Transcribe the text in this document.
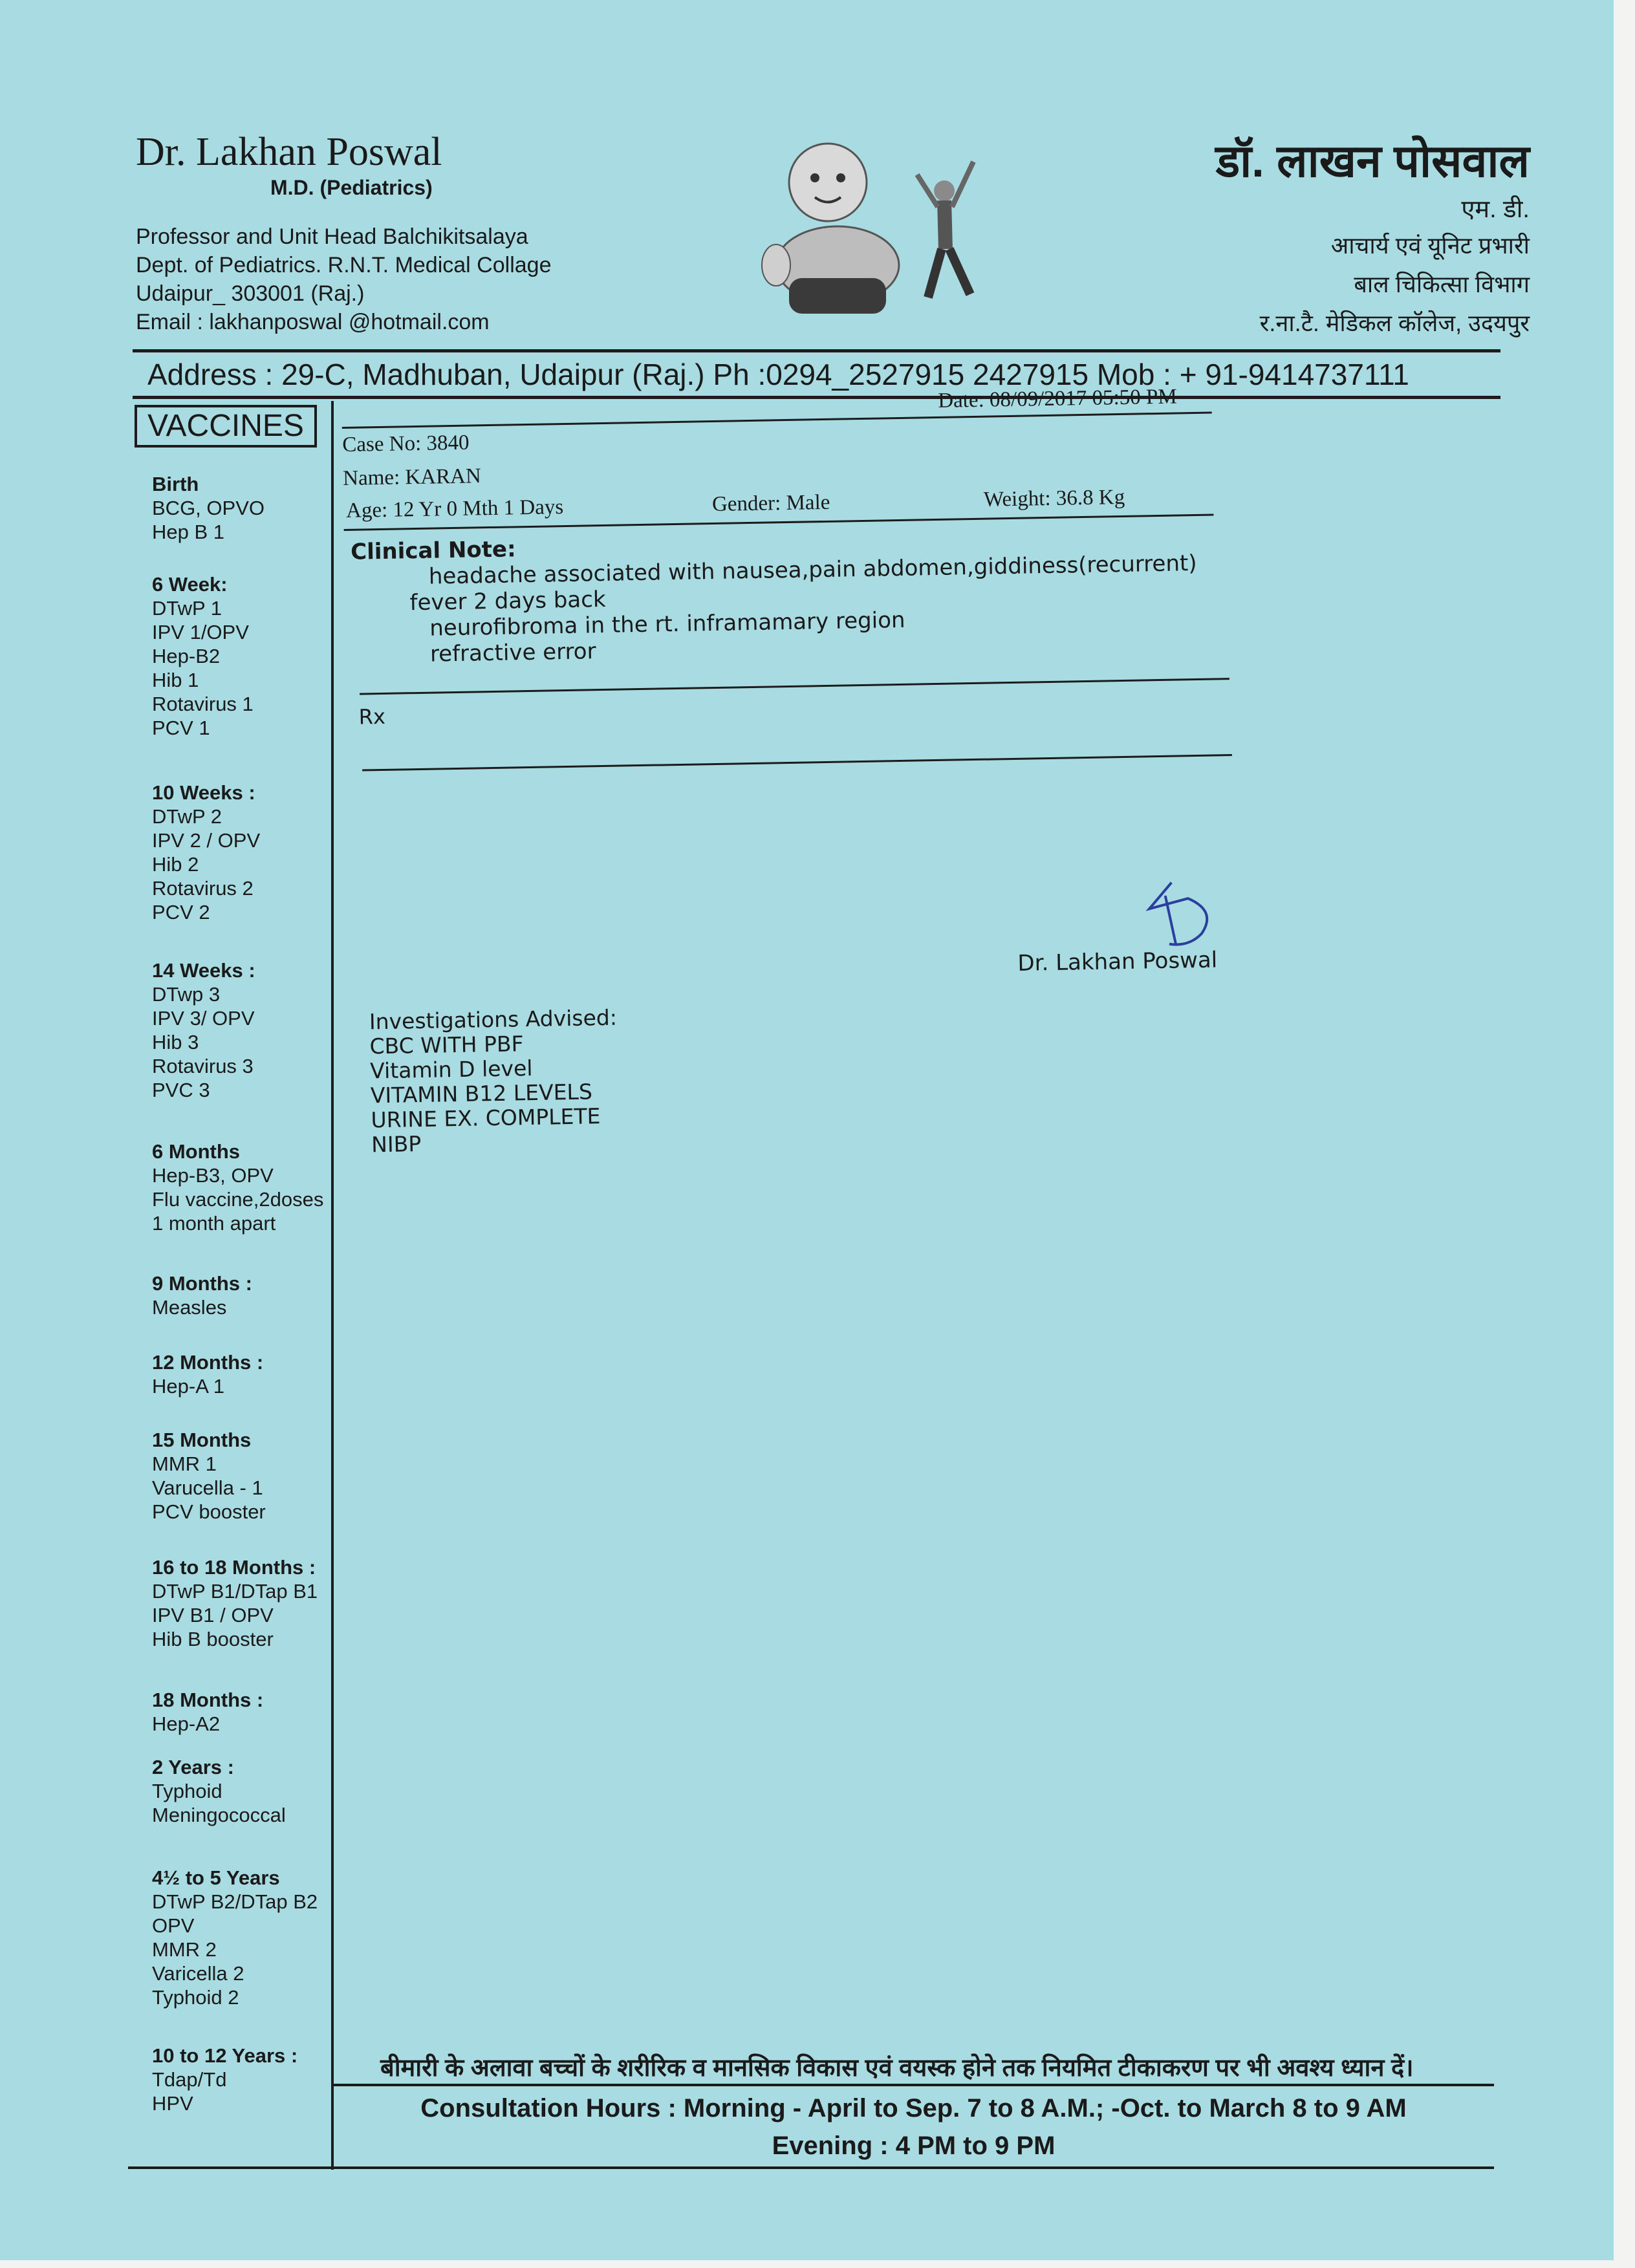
Dr. Lakhan Poswal
M.D. (Pediatrics)
Professor and Unit Head Balchikitsalaya
Dept. of Pediatrics. R.N.T. Medical Collage
Udaipur_ 303001 (Raj.)
Email : lakhanposwal @hotmail.com
डॉ. लाखन पोसवाल
एम. डी.
आचार्य एवं यूनिट प्रभारी
बाल चिकित्सा विभाग
र.ना.टै. मेडिकल कॉलेज, उदयपुर
Address : 29-C, Madhuban, Udaipur (Raj.) Ph :0294_2527915 2427915 Mob : + 91-9414737111
VACCINES
Birth
BCG, OPVO
Hep B 1
6 Week:
DTwP 1
IPV 1/OPV
Hep-B2
Hib 1
Rotavirus 1
PCV 1
10 Weeks :
DTwP 2
IPV 2 / OPV
Hib 2
Rotavirus 2
PCV 2
14 Weeks :
DTwp 3
IPV 3/ OPV
Hib 3
Rotavirus 3
PVC 3
6 Months
Hep-B3, OPV
Flu vaccine,2doses
1 month apart
9 Months :
Measles
12 Months :
Hep-A 1
15 Months
MMR 1
Varucella - 1
PCV booster
16 to 18 Months :
DTwP B1/DTap B1
IPV B1 / OPV
Hib B booster
18 Months :
Hep-A2
2 Years :
Typhoid
Meningococcal
4½ to 5 Years
DTwP B2/DTap B2
OPV
MMR 2
Varicella 2
Typhoid 2
10 to 12 Years :
Tdap/Td
HPV
Date: 08/09/2017 05:50 PM
Case No: 3840
Name: KARAN
Age: 12 Yr 0 Mth 1 Days	Gender: Male	Weight: 36.8 Kg
Clinical Note:
headache associated with nausea,pain abdomen,giddiness(recurrent)
fever 2 days back
neurofibroma in the rt. inframamary region
refractive error
Rx
Dr. Lakhan Poswal
Investigations Advised:
CBC WITH PBF
Vitamin D level
VITAMIN B12 LEVELS
URINE EX. COMPLETE
NIBP
बीमारी के अलावा बच्चों के शरीरिक व मानसिक विकास एवं वयस्क होने तक नियमित टीकाकरण पर भी अवश्य ध्यान दें।
Consultation Hours : Morning - April to Sep. 7 to 8 A.M.; -Oct. to March 8 to 9 AM
Evening : 4 PM to 9 PM
